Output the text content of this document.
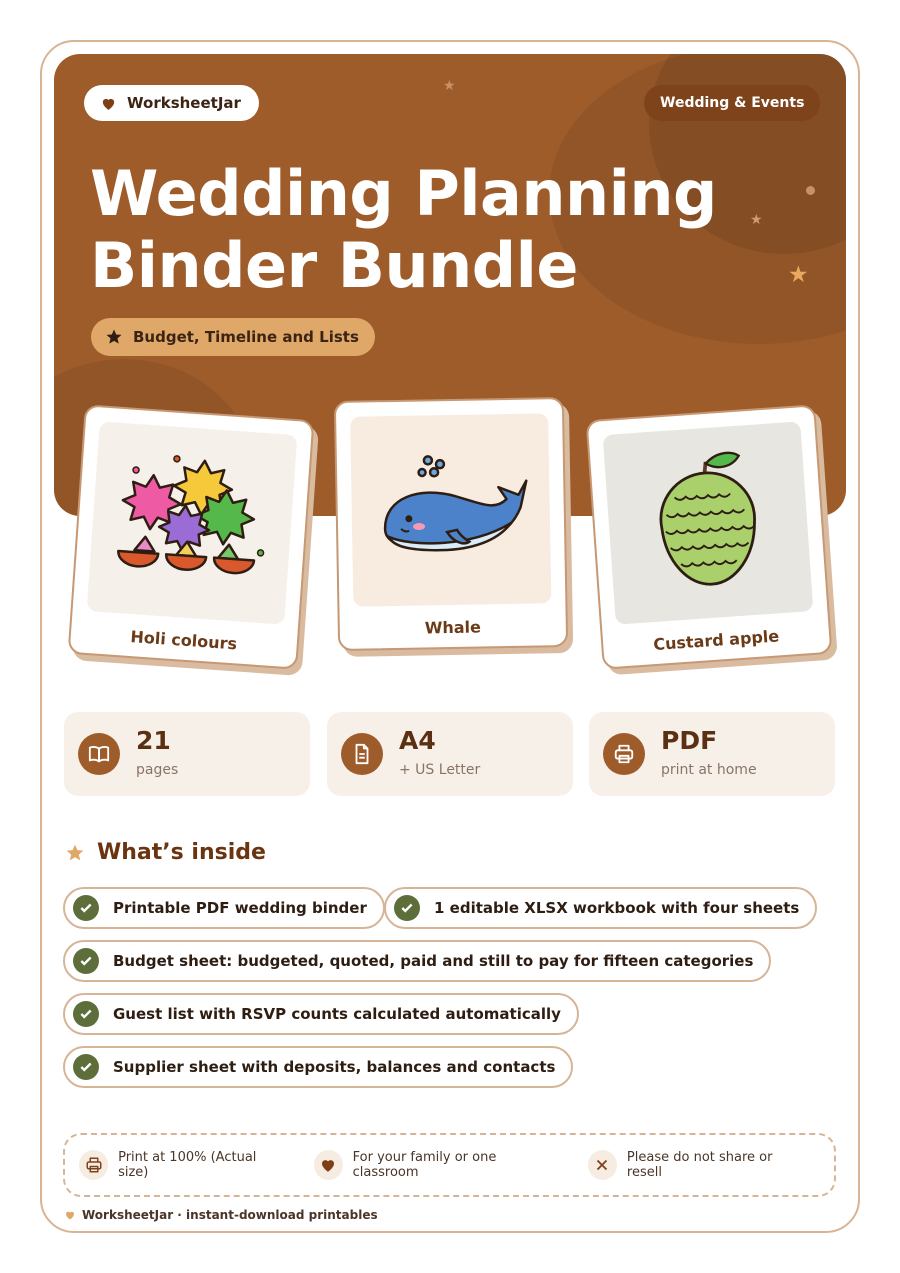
★
★
★
WorksheetJar	Wedding & Events
Wedding Planning
Binder Bundle
Budget, Timeline and Lists
Holi colours	Whale	Custard apple
21
pages
A4
+ US Letter
PDF
print at home
What’s inside
Printable PDF wedding binder	1 editable XLSX workbook with four sheets
Budget sheet: budgeted, quoted, paid and still to pay for fifteen categories
Guest list with RSVP counts calculated automatically
Supplier sheet with deposits, balances and contacts
Print at 100% (Actual size)
For your family or one classroom
Please do not share or resell
WorksheetJar · instant-download printables
